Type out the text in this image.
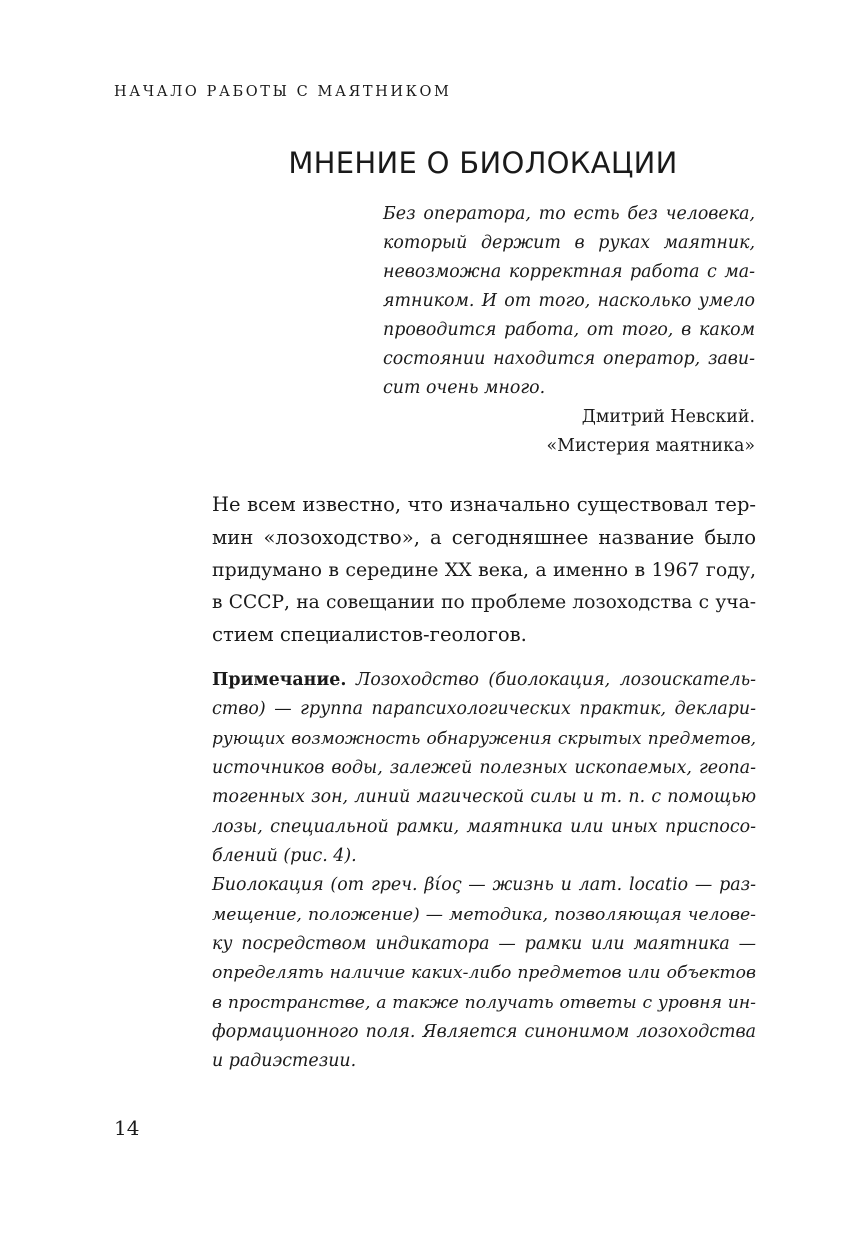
НАЧАЛО РАБОТЫ С МАЯТНИКОМ
МНЕНИЕ О БИОЛОКАЦИИ
Без оператора, то есть без человека,
который держит в руках маятник,
невозможна корректная работа с ма-
ятником. И от того, насколько умело
проводится работа, от того, в каком
состоянии находится оператор, зави-
сит очень много.
Дмитрий Невский.
«Мистерия маятника»
Не всем известно, что изначально существовал тер-
мин «лозоходство», а сегодняшнее название было
придумано в середине XX века, а именно в 1967 году,
в СССР, на совещании по проблеме лозоходства с уча-
стием специалистов-геологов.
Примечание. Лозоходство (биолокация, лозоискатель-
ство) — группа парапсихологических практик, деклари-
рующих возможность обнаружения скрытых предметов,
источников воды, залежей полезных ископаемых, геопа-
тогенных зон, линий магической силы и т. п. с помощью
лозы, специальной рамки, маятника или иных приспосо-
блений (рис. 4).
Биолокация (от греч. βίος — жизнь и лат. locatio — раз-
мещение, положение) — методика, позволяющая челове-
ку посредством индикатора — рамки или маятника —
определять наличие каких-либо предметов или объектов
в пространстве, а также получать ответы с уровня ин-
формационного поля. Является синонимом лозоходства
и радиэстезии.
14
